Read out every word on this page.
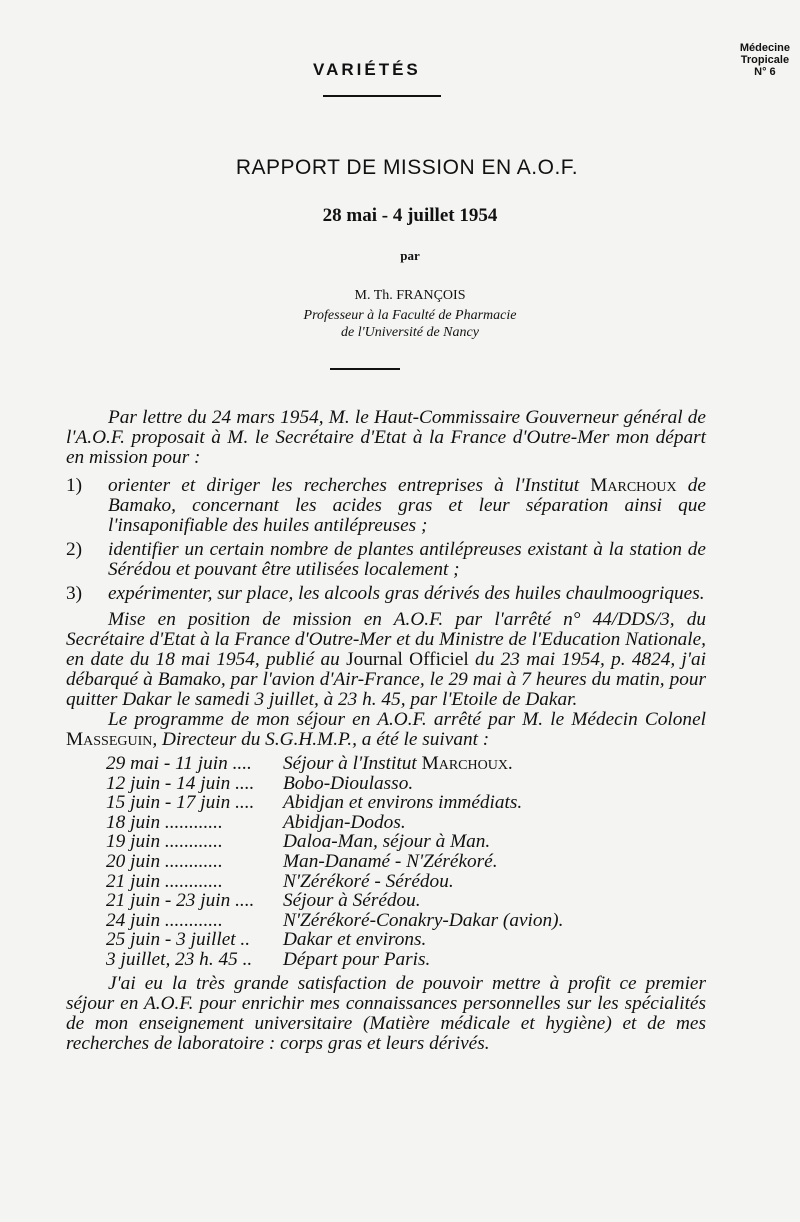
Médecine
Tropicale
N° 6
VARIÉTÉS
RAPPORT DE MISSION EN A.O.F.
28 mai - 4 juillet 1954
par
M. Th. FRANÇOIS
Professeur à la Faculté de Pharmacie
de l'Université de Nancy

Par lettre du 24 mars 1954, M. le Haut-Commissaire Gouverneur général de l'A.O.F. proposait à M. le Secrétaire d'Etat à la France d'Outre-Mer mon départ en mission pour :

1) orienter et diriger les recherches entreprises à l'Institut Marchoux de Bamako, concernant les acides gras et leur séparation ainsi que l'insaponifiable des huiles antilépreuses ;
2) identifier un certain nombre de plantes antilépreuses existant à la station de Sérédou et pouvant être utilisées localement ;
3) expérimenter, sur place, les alcools gras dérivés des huiles chaulmoogriques.

Mise en position de mission en A.O.F. par l'arrêté n° 44/DDS/3, du Secrétaire d'Etat à la France d'Outre-Mer et du Ministre de l'Education Nationale, en date du 18 mai 1954, publié au Journal Officiel du 23 mai 1954, p. 4824, j'ai débarqué à Bamako, par l'avion d'Air-France, le 29 mai à 7 heures du matin, pour quitter Dakar le samedi 3 juillet, à 23 h. 45, par l'Etoile de Dakar.

Le programme de mon séjour en A.O.F. arrêté par M. le Médecin Colonel Masseguin, Directeur du S.G.H.M.P., a été le suivant :

29 mai - 11 juin ....	Séjour à l'Institut Marchoux.
12 juin - 14 juin ....	Bobo-Dioulasso.
15 juin - 17 juin ....	Abidjan et environs immédiats.
18 juin ............	Abidjan-Dodos.
19 juin ............	Daloa-Man, séjour à Man.
20 juin ............	Man-Danamé - N'Zérékoré.
21 juin ............	N'Zérékoré - Sérédou.
21 juin - 23 juin ....	Séjour à Sérédou.
24 juin ............	N'Zérékoré-Conakry-Dakar (avion).
25 juin - 3 juillet ..	Dakar et environs.
3 juillet, 23 h. 45 ..	Départ pour Paris.

J'ai eu la très grande satisfaction de pouvoir mettre à profit ce premier séjour en A.O.F. pour enrichir mes connaissances personnelles sur les spécialités de mon enseignement universitaire (Matière médicale et hygiène) et de mes recherches de laboratoire : corps gras et leurs dérivés.
